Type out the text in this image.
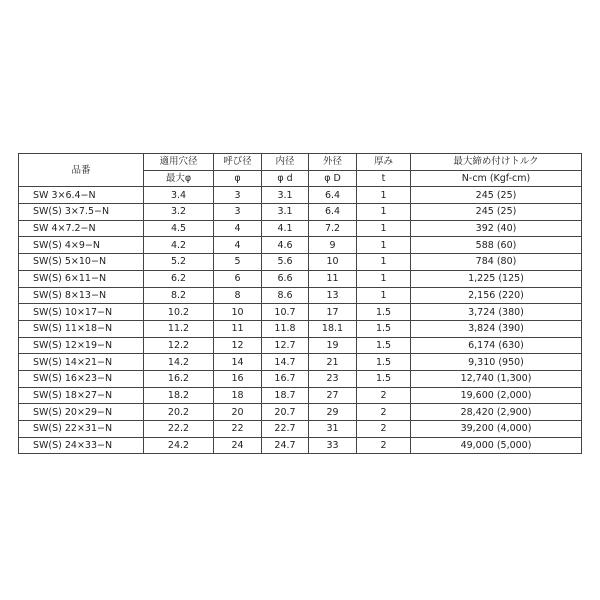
品番	適用穴径	呼び径	内径	外径	厚み	最大締め付けトルク
	最大φ	φ	φ d	φ D	t	N-cm (Kgf-cm)
SW 3×6.4−N	3.4	3	3.1	6.4	1	245 (25)
SW(S) 3×7.5−N	3.2	3	3.1	6.4	1	245 (25)
SW 4×7.2−N	4.5	4	4.1	7.2	1	392 (40)
SW(S) 4×9−N	4.2	4	4.6	9	1	588 (60)
SW(S) 5×10−N	5.2	5	5.6	10	1	784 (80)
SW(S) 6×11−N	6.2	6	6.6	11	1	1,225 (125)
SW(S) 8×13−N	8.2	8	8.6	13	1	2,156 (220)
SW(S) 10×17−N	10.2	10	10.7	17	1.5	3,724 (380)
SW(S) 11×18−N	11.2	11	11.8	18.1	1.5	3,824 (390)
SW(S) 12×19−N	12.2	12	12.7	19	1.5	6,174 (630)
SW(S) 14×21−N	14.2	14	14.7	21	1.5	9,310 (950)
SW(S) 16×23−N	16.2	16	16.7	23	1.5	12,740 (1,300)
SW(S) 18×27−N	18.2	18	18.7	27	2	19,600 (2,000)
SW(S) 20×29−N	20.2	20	20.7	29	2	28,420 (2,900)
SW(S) 22×31−N	22.2	22	22.7	31	2	39,200 (4,000)
SW(S) 24×33−N	24.2	24	24.7	33	2	49,000 (5,000)
